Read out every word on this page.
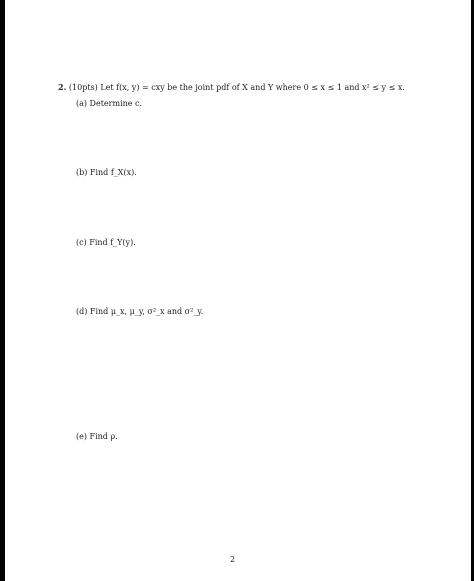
2. (10pts) Let f(x, y) = cxy be the joint pdf of X and Y where 0 ≤ x ≤ 1 and x² ≤ y ≤ x.
(a) Determine c.
(b) Find f_X(x).
(c) Find f_Y(y).
(d) Find μ_x, μ_y, σ²_x and σ²_y.
(e) Find ρ.
2
